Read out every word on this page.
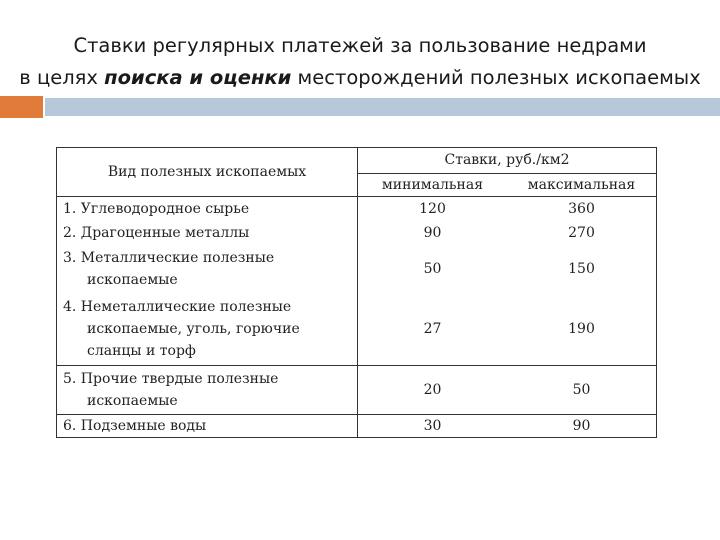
Ставки регулярных платежей за пользование недрами
в целях поиска и оценки месторождений полезных ископаемых
Вид полезных ископаемых	Ставки, руб./км2	
	минимальная	максимальная
1. Углеводородное сырье	120	360
2. Драгоценные металлы	90	270

3. Металлические полезные
ископаемые	50	150

4. Неметаллические полезные
ископаемые, уголь, горючие
сланцы и торф	27	190

5. Прочие твердые полезные
ископаемые	20	50
6. Подземные воды	30	90
